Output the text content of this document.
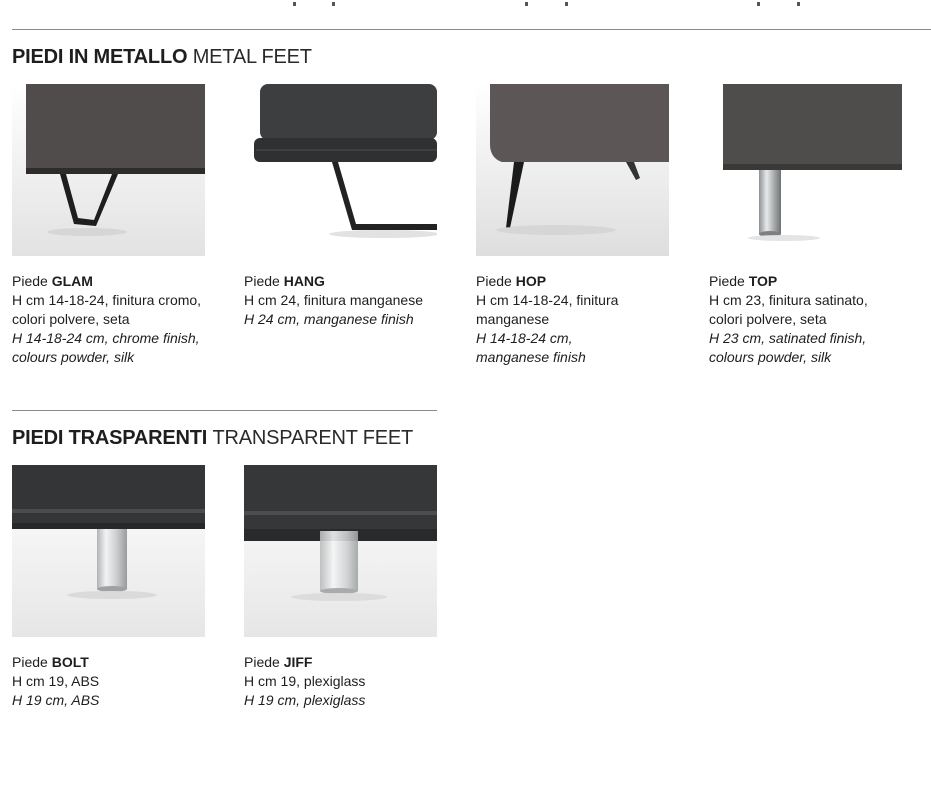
PIEDI IN METALLO METAL FEET
Piede GLAM
H cm 14-18-24, finitura cromo,
colori polvere, seta
H 14-18-24 cm, chrome finish,
colours powder, silk
Piede HANG
H cm 24, finitura manganese
H 24 cm, manganese finish
Piede HOP
H cm 14-18-24, finitura
manganese
H 14-18-24 cm,
manganese finish
Piede TOP
H cm 23, finitura satinato,
colori polvere, seta
H 23 cm, satinated finish,
colours powder, silk
PIEDI TRASPARENTI TRANSPARENT FEET
Piede BOLT
H cm 19, ABS
H 19 cm, ABS
Piede JIFF
H cm 19, plexiglass
H 19 cm, plexiglass
